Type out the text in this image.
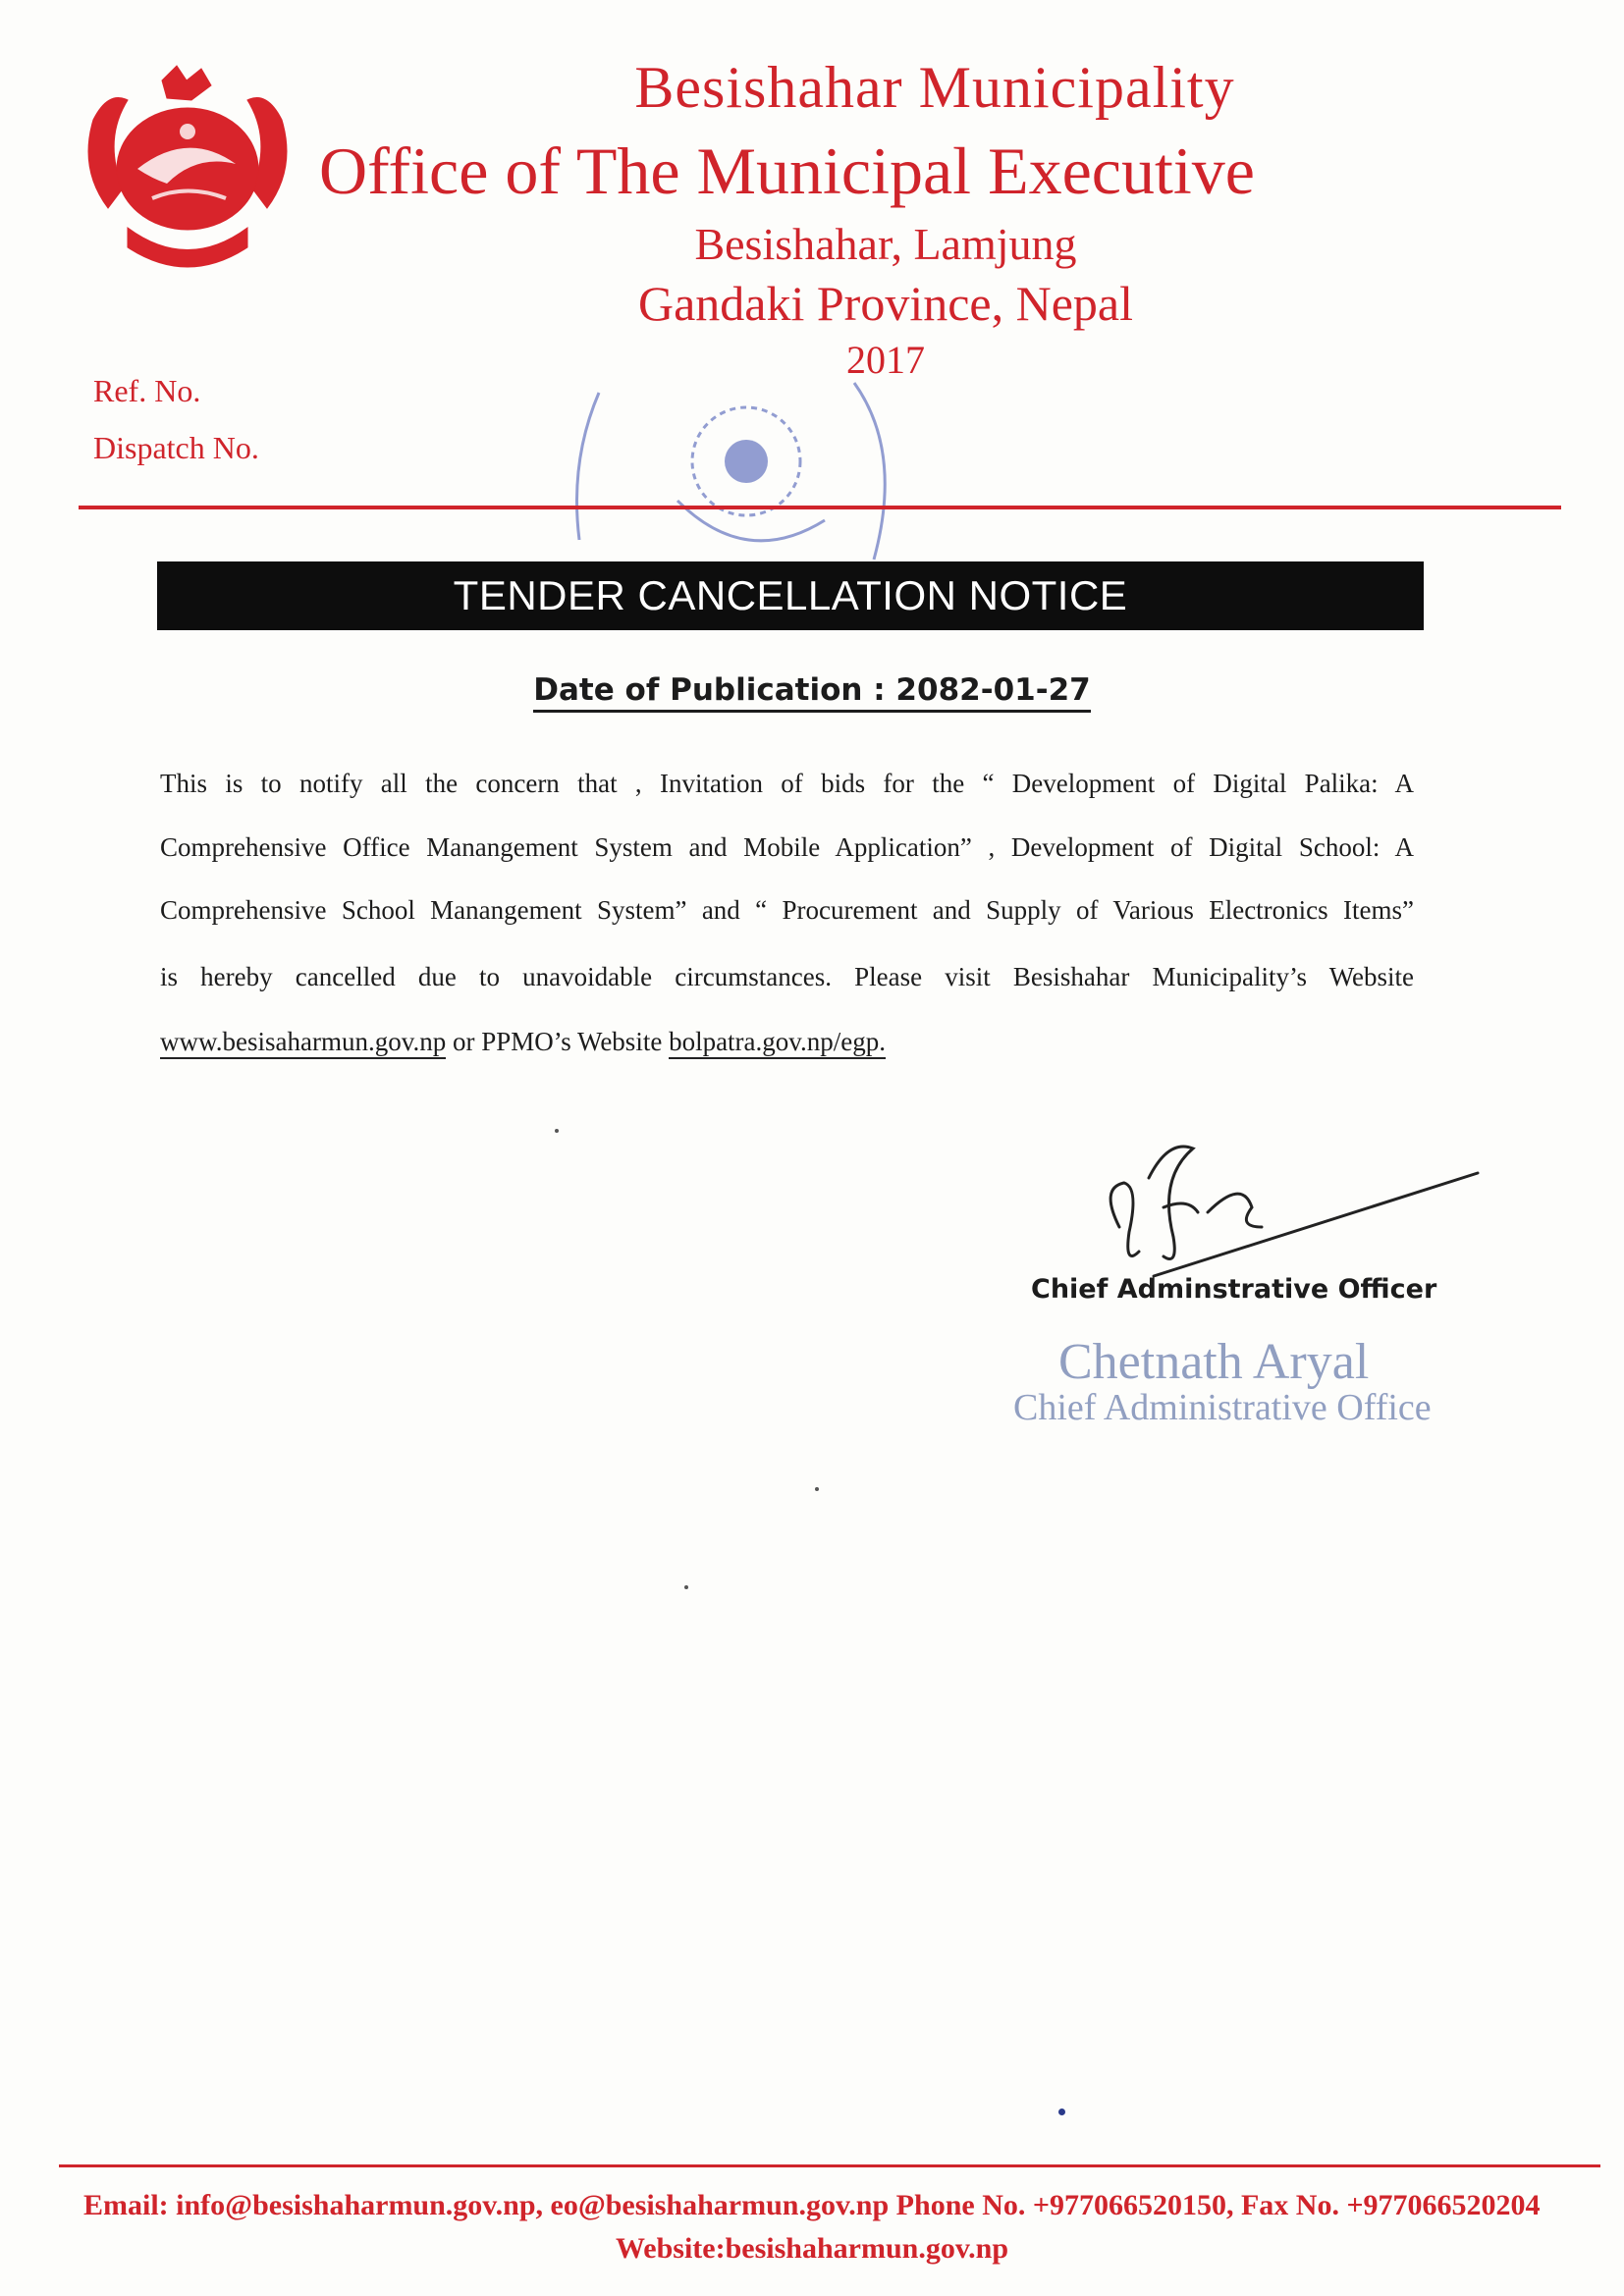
Besishahar Municipality
Office of The Municipal Executive
Besishahar, Lamjung
Gandaki Province, Nepal
2017
Ref. No.
Dispatch No.
TENDER CANCELLATION NOTICE
Date of Publication : 2082-01-27
This is to notify all the concern that , Invitation of bids for the “ Development of Digital Palika: A
Comprehensive Office Manangement System and Mobile Application” , Development of Digital School: A
Comprehensive School Manangement System” and “ Procurement and Supply of Various Electronics Items”
is hereby cancelled due to unavoidable circumstances. Please visit Besishahar Municipality’s Website
www.besisaharmun.gov.np or PPMO’s Website bolpatra.gov.np/egp.
Chief Adminstrative Officer
Chetnath Aryal
Chief Administrative Office
Email: info@besishaharmun.gov.np, eo@besishaharmun.gov.np Phone No. +977066520150, Fax No. +977066520204
Website:besishaharmun.gov.np
